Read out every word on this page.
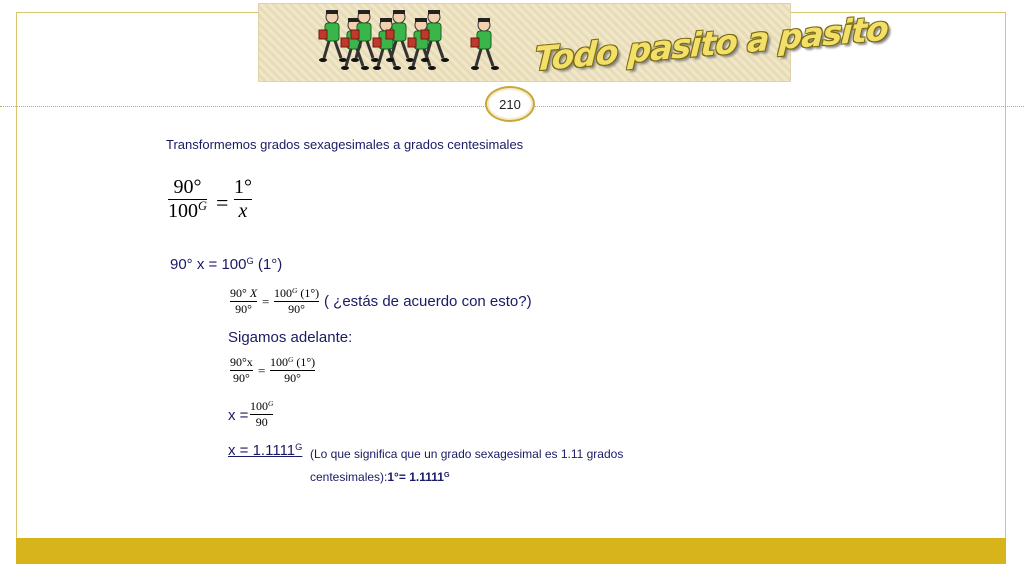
Todo pasito a pasito
210
Transformemos grados sexagesimales a grados centesimales
90°
$100^G$ =
1°
x
90° $x = 100^G$ (1°)
90° X
90° =
$100^G$ (1°)
90° ( ¿estás de acuerdo con esto?)
Sigamos adelante:
90°x
90° =
$100^G$ (1°)
90°
x =
$100^G$
90
$x = 1.1111^G$
(Lo que significa que un grado sexagesimal es 1.11 grados
centesimales):1°= $1.1111^G$
